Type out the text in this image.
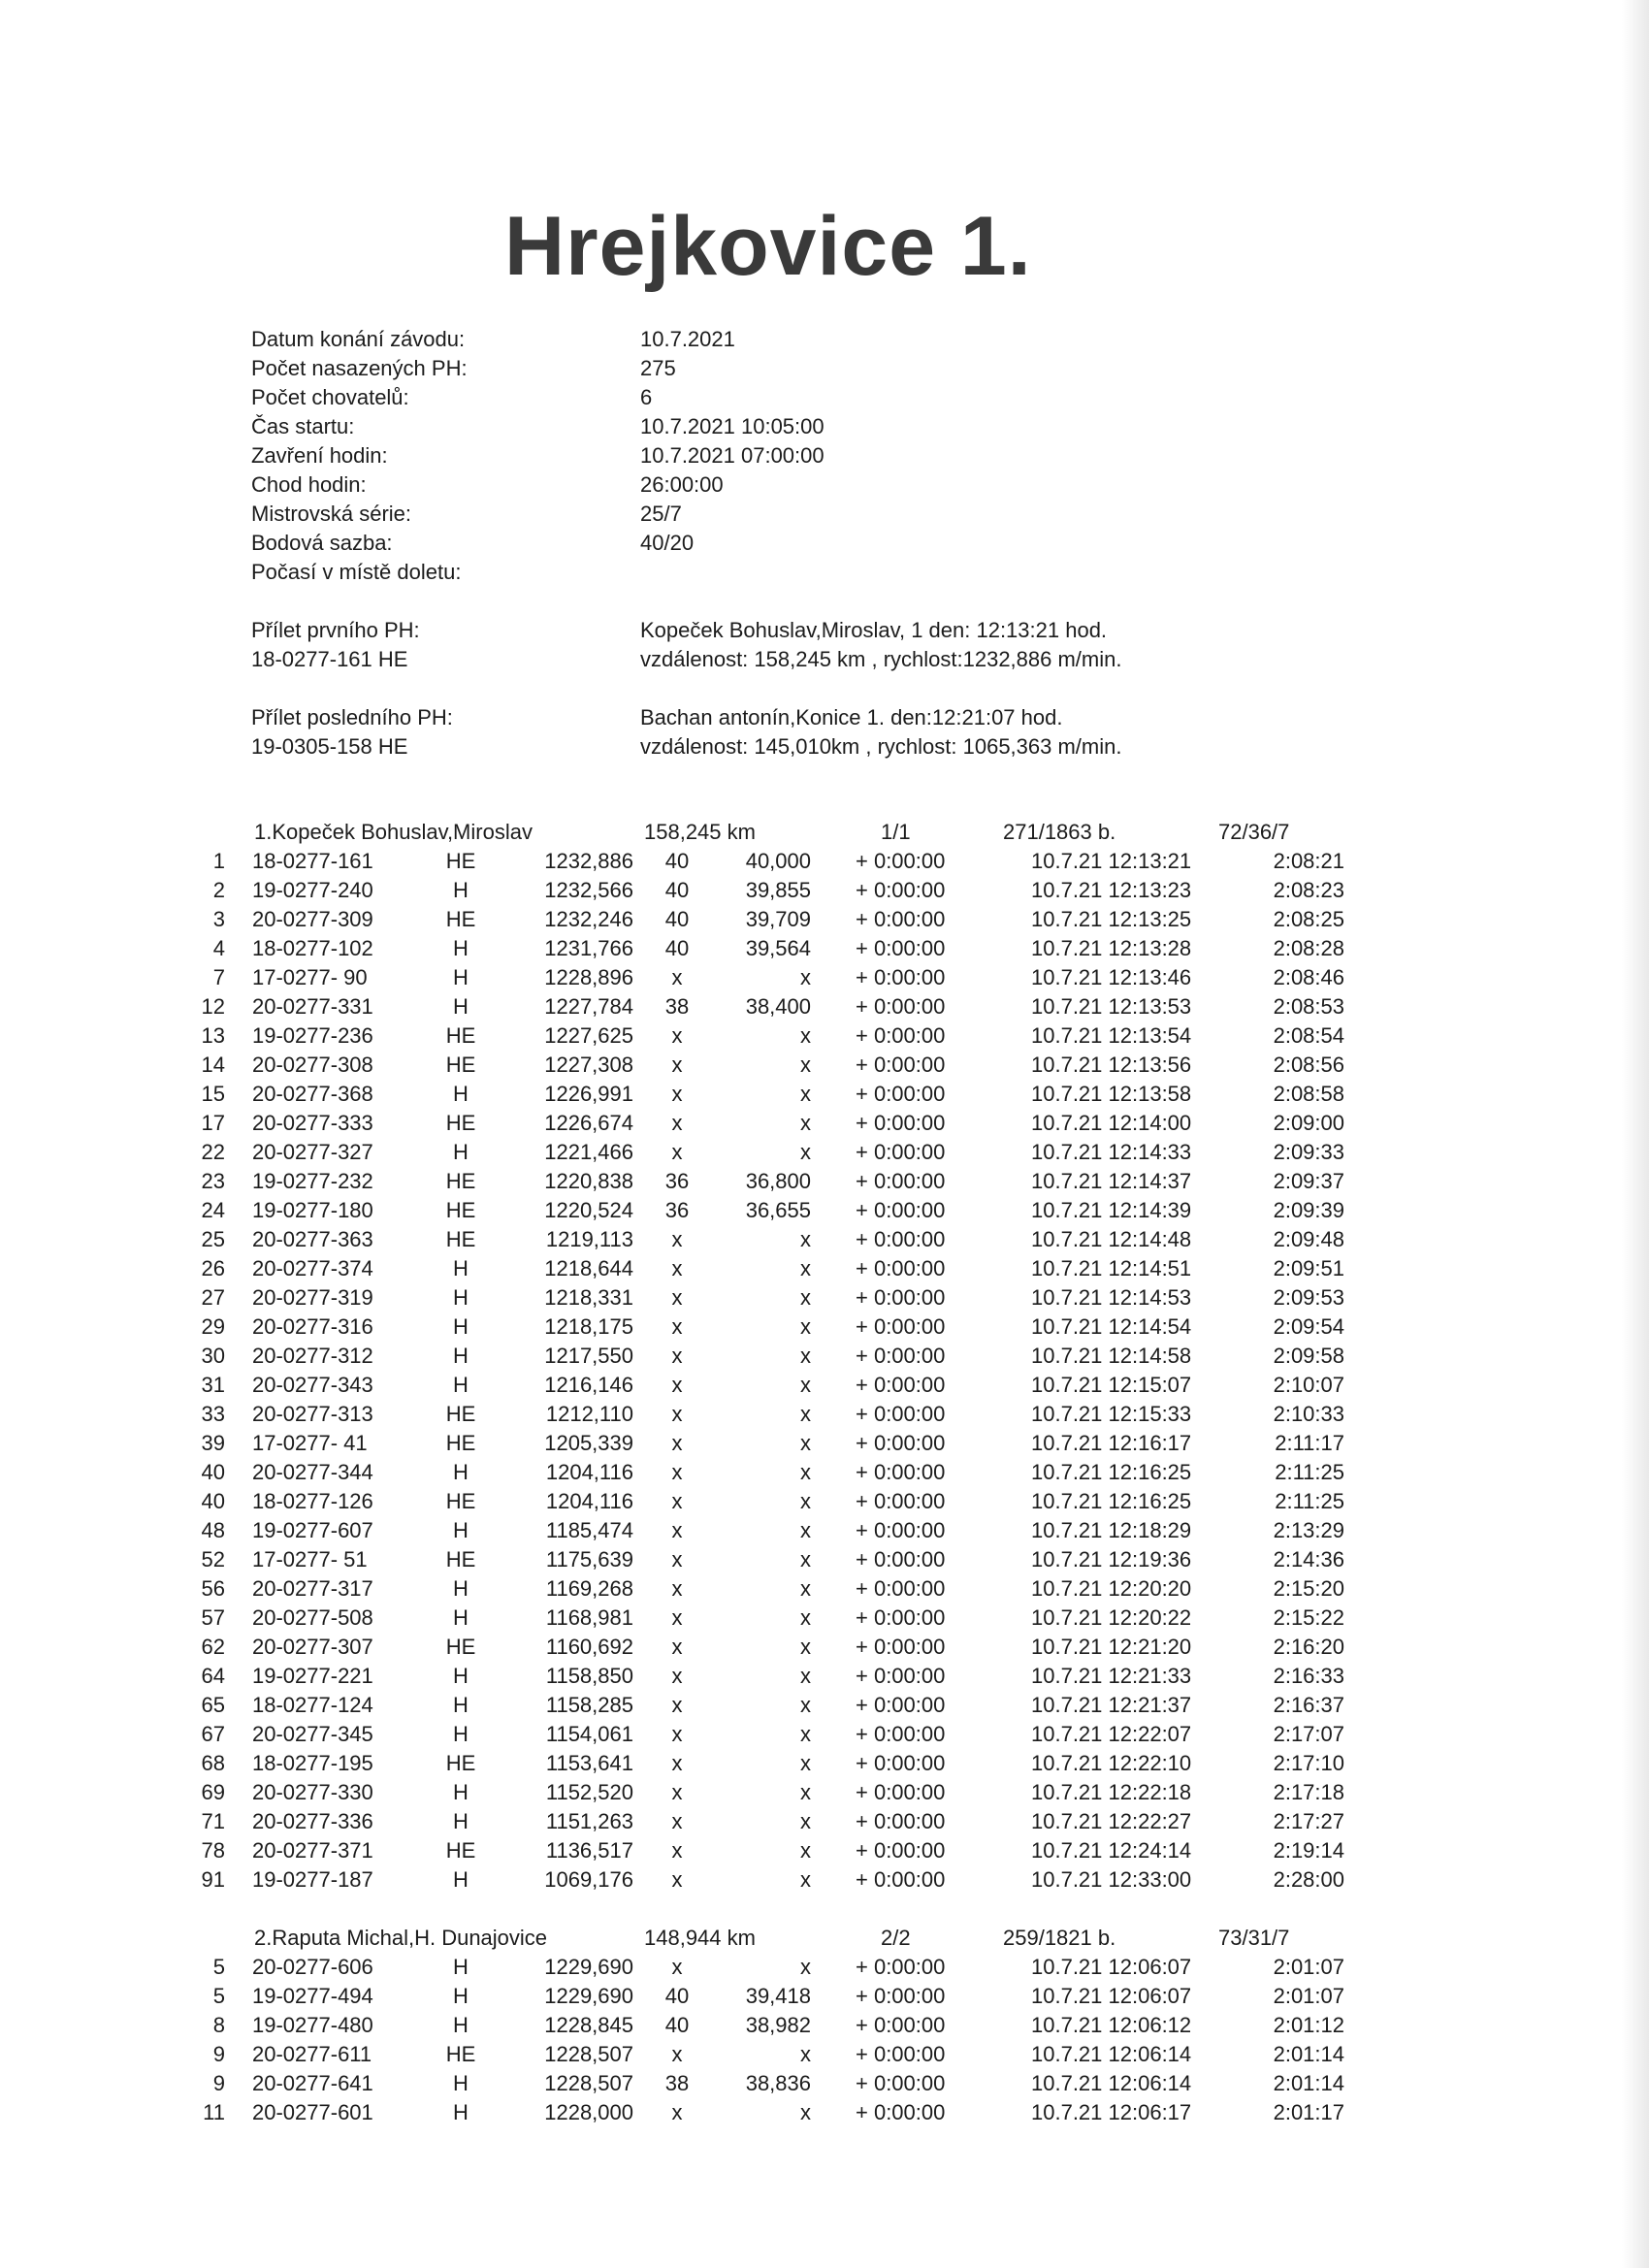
Hrejkovice 1.
Datum konání závodu:	10.7.2021
Počet nasazených PH:	275
Počet chovatelů:	6
Čas startu:	10.7.2021 10:05:00
Zavření hodin:	10.7.2021 07:00:00
Chod hodin:	26:00:00
Mistrovská série:	25/7
Bodová sazba:	40/20
Počasí v místě doletu:
Přílet prvního PH:	Kopeček Bohuslav,Miroslav, 1 den: 12:13:21 hod.
18-0277-161 HE	vzdálenost: 158,245 km , rychlost:1232,886 m/min.
Přílet posledního PH:	Bachan antonín,Konice 1. den:12:21:07 hod.
19-0305-158 HE	vzdálenost: 145,010km , rychlost: 1065,363 m/min.
1.Kopeček Bohuslav,Miroslav	158,245 km	1/1	271/1863 b.	72/36/7
1 18-0277-161	HE	1232,886	40	40,000 + 0:00:00	10.7.21 12:13:21	2:08:21
2 19-0277-240	H	1232,566	40	39,855 + 0:00:00	10.7.21 12:13:23	2:08:23
3 20-0277-309	HE	1232,246	40	39,709 + 0:00:00	10.7.21 12:13:25	2:08:25
4 18-0277-102	H	1231,766	40	39,564 + 0:00:00	10.7.21 12:13:28	2:08:28
7 17-0277- 90	H	1228,896	x	x + 0:00:00	10.7.21 12:13:46	2:08:46
12 20-0277-331	H	1227,784	38	38,400 + 0:00:00	10.7.21 12:13:53	2:08:53
13 19-0277-236	HE	1227,625	x	x + 0:00:00	10.7.21 12:13:54	2:08:54
14 20-0277-308	HE	1227,308	x	x + 0:00:00	10.7.21 12:13:56	2:08:56
15 20-0277-368	H	1226,991	x	x + 0:00:00	10.7.21 12:13:58	2:08:58
17 20-0277-333	HE	1226,674	x	x + 0:00:00	10.7.21 12:14:00	2:09:00
22 20-0277-327	H	1221,466	x	x + 0:00:00	10.7.21 12:14:33	2:09:33
23 19-0277-232	HE	1220,838	36	36,800 + 0:00:00	10.7.21 12:14:37	2:09:37
24 19-0277-180	HE	1220,524	36	36,655 + 0:00:00	10.7.21 12:14:39	2:09:39
25 20-0277-363	HE	1219,113	x	x + 0:00:00	10.7.21 12:14:48	2:09:48
26 20-0277-374	H	1218,644	x	x + 0:00:00	10.7.21 12:14:51	2:09:51
27 20-0277-319	H	1218,331	x	x + 0:00:00	10.7.21 12:14:53	2:09:53
29 20-0277-316	H	1218,175	x	x + 0:00:00	10.7.21 12:14:54	2:09:54
30 20-0277-312	H	1217,550	x	x + 0:00:00	10.7.21 12:14:58	2:09:58
31 20-0277-343	H	1216,146	x	x + 0:00:00	10.7.21 12:15:07	2:10:07
33 20-0277-313	HE	1212,110	x	x + 0:00:00	10.7.21 12:15:33	2:10:33
39 17-0277- 41	HE	1205,339	x	x + 0:00:00	10.7.21 12:16:17	2:11:17
40 20-0277-344	H	1204,116	x	x + 0:00:00	10.7.21 12:16:25	2:11:25
40 18-0277-126	HE	1204,116	x	x + 0:00:00	10.7.21 12:16:25	2:11:25
48 19-0277-607	H	1185,474	x	x + 0:00:00	10.7.21 12:18:29	2:13:29
52 17-0277- 51	HE	1175,639	x	x + 0:00:00	10.7.21 12:19:36	2:14:36
56 20-0277-317	H	1169,268	x	x + 0:00:00	10.7.21 12:20:20	2:15:20
57 20-0277-508	H	1168,981	x	x + 0:00:00	10.7.21 12:20:22	2:15:22
62 20-0277-307	HE	1160,692	x	x + 0:00:00	10.7.21 12:21:20	2:16:20
64 19-0277-221	H	1158,850	x	x + 0:00:00	10.7.21 12:21:33	2:16:33
65 18-0277-124	H	1158,285	x	x + 0:00:00	10.7.21 12:21:37	2:16:37
67 20-0277-345	H	1154,061	x	x + 0:00:00	10.7.21 12:22:07	2:17:07
68 18-0277-195	HE	1153,641	x	x + 0:00:00	10.7.21 12:22:10	2:17:10
69 20-0277-330	H	1152,520	x	x + 0:00:00	10.7.21 12:22:18	2:17:18
71 20-0277-336	H	1151,263	x	x + 0:00:00	10.7.21 12:22:27	2:17:27
78 20-0277-371	HE	1136,517	x	x + 0:00:00	10.7.21 12:24:14	2:19:14
91 19-0277-187	H	1069,176	x	x + 0:00:00	10.7.21 12:33:00	2:28:00
2.Raputa Michal,H. Dunajovice	148,944 km	2/2	259/1821 b.	73/31/7
5 20-0277-606	H	1229,690	x	x + 0:00:00	10.7.21 12:06:07	2:01:07
5 19-0277-494	H	1229,690	40	39,418 + 0:00:00	10.7.21 12:06:07	2:01:07
8 19-0277-480	H	1228,845	40	38,982 + 0:00:00	10.7.21 12:06:12	2:01:12
9 20-0277-611	HE	1228,507	x	x + 0:00:00	10.7.21 12:06:14	2:01:14
9 20-0277-641	H	1228,507	38	38,836 + 0:00:00	10.7.21 12:06:14	2:01:14
11 20-0277-601	H	1228,000	x	x + 0:00:00	10.7.21 12:06:17	2:01:17
